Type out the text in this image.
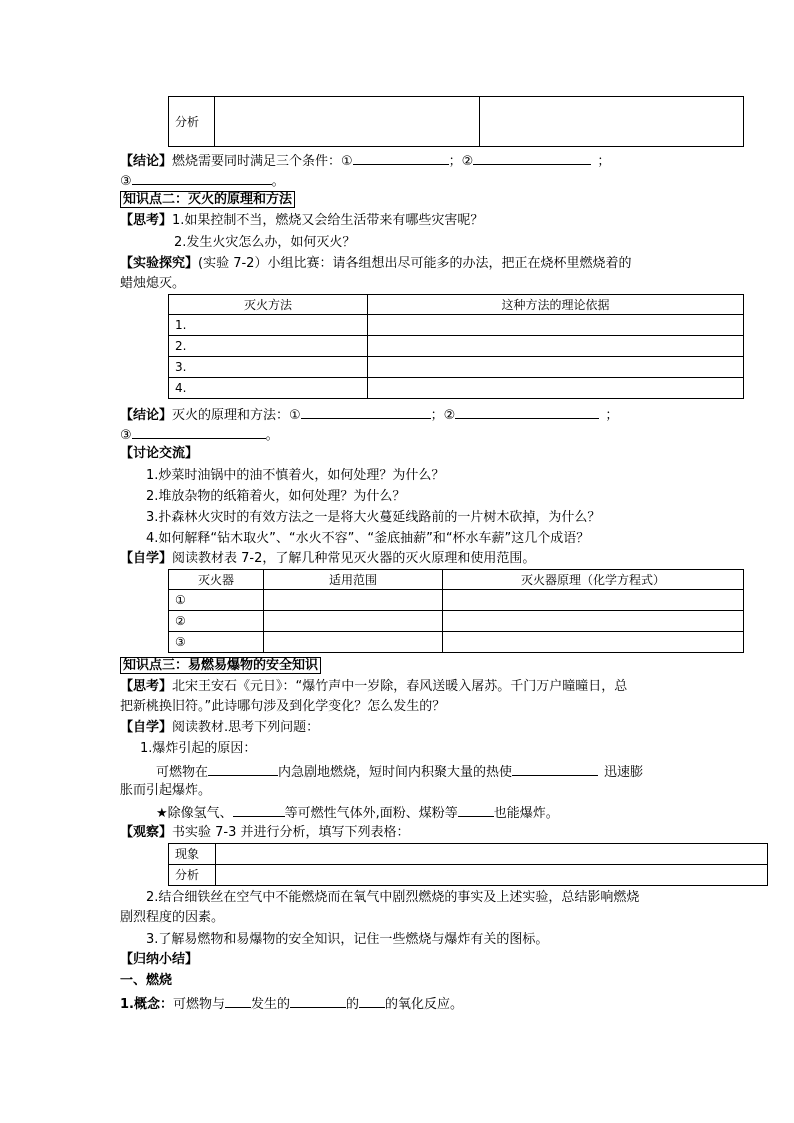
分析		
【结论】燃烧需要同时满足三个条件：①	；②	；
③	。
知识点二：灭火的原理和方法
【思考】1.如果控制不当，燃烧又会给生活带来有哪些灾害呢？
2.发生火灾怎么办，如何灭火？
【实验探究】(实验 7-2）小组比赛：请各组想出尽可能多的办法，把正在烧杯里燃烧着的
蜡烛熄灭。
灭火方法	这种方法的理论依据
1.	
2.	
3.	
4.	
【结论】灭火的原理和方法：①	；②	；
③	。
【讨论交流】
1.炒菜时油锅中的油不慎着火，如何处理？为什么？
2.堆放杂物的纸箱着火，如何处理？为什么？
3.扑森林火灾时的有效方法之一是将大火蔓延线路前的一片树木砍掉，为什么？
4.如何解释“钻木取火”、“水火不容”、“釜底抽薪”和“杯水车薪”这几个成语？
【自学】阅读教材表 7-2，了解几种常见灭火器的灭火原理和使用范围。
灭火器	适用范围	灭火器原理（化学方程式）
①		
②		
③		
知识点三：易燃易爆物的安全知识
【思考】北宋王安石《元日》：“爆竹声中一岁除，春风送暖入屠苏。千门万户曈曈日，总
把新桃换旧符。”此诗哪句涉及到化学变化？怎么发生的？
【自学】阅读教材.思考下列问题：
1.爆炸引起的原因：
可燃物在	内急剧地燃烧，短时间内积聚大量的热使	迅速膨
胀而引起爆炸。
★除像氢气、	等可燃性气体外,面粉、煤粉等	也能爆炸。
【观察】书实验 7-3 并进行分析，填写下列表格：
现象	
分析	
2.结合细铁丝在空气中不能燃烧而在氧气中剧烈燃烧的事实及上述实验，总结影响燃烧
剧烈程度的因素。
3.了解易燃物和易爆物的安全知识，记住一些燃烧与爆炸有关的图标。
【归纳小结】
一、燃烧
1.概念：可燃物与 发生的	的 的氧化反应。
